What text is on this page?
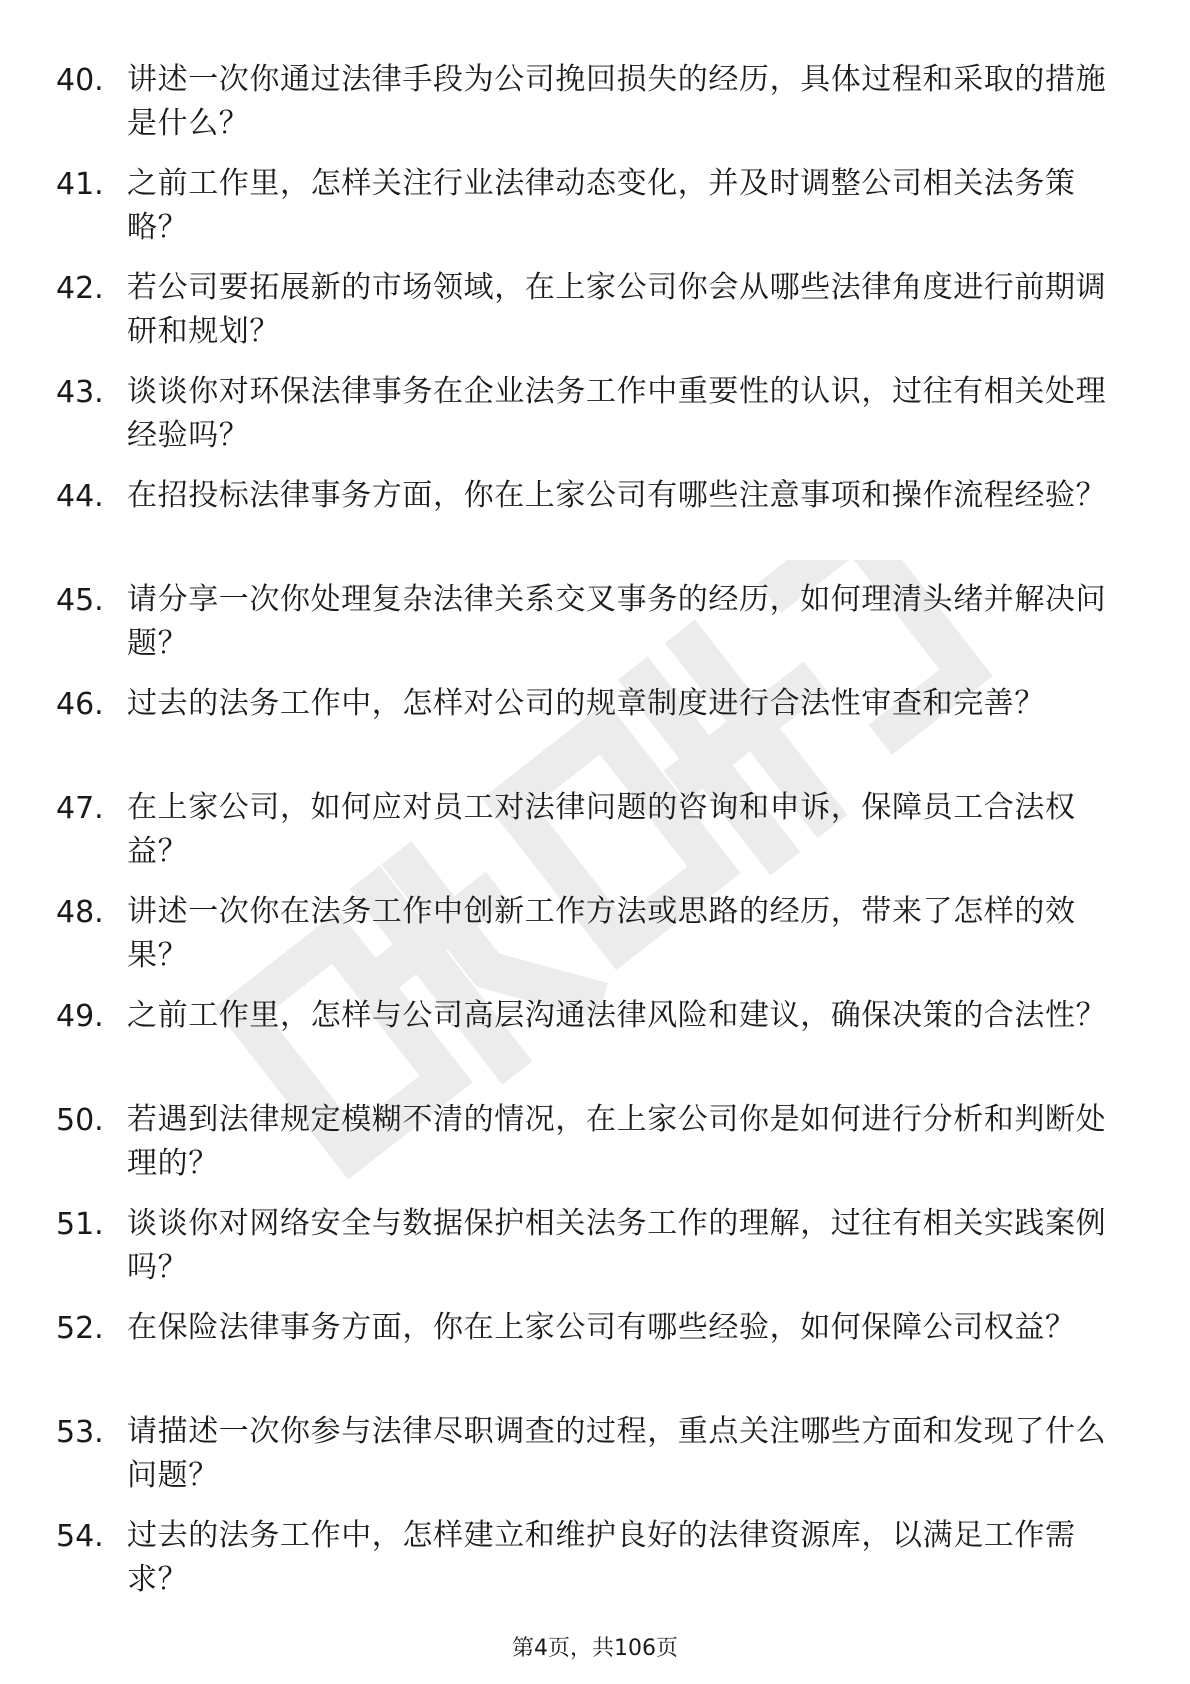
40. 讲述一次你通过法律手段为公司挽回损失的经历，具体过程和采取的措施是什么？
41. 之前工作里，怎样关注行业法律动态变化，并及时调整公司相关法务策略？
42. 若公司要拓展新的市场领域，在上家公司你会从哪些法律角度进行前期调研和规划？
43. 谈谈你对环保法律事务在企业法务工作中重要性的认识，过往有相关处理经验吗？
44. 在招投标法律事务方面，你在上家公司有哪些注意事项和操作流程经验？
45. 请分享一次你处理复杂法律关系交叉事务的经历，如何理清头绪并解决问题？
46. 过去的法务工作中，怎样对公司的规章制度进行合法性审查和完善？
47. 在上家公司，如何应对员工对法律问题的咨询和申诉，保障员工合法权益？
48. 讲述一次你在法务工作中创新工作方法或思路的经历，带来了怎样的效果？
49. 之前工作里，怎样与公司高层沟通法律风险和建议，确保决策的合法性？
50. 若遇到法律规定模糊不清的情况，在上家公司你是如何进行分析和判断处理的？
51. 谈谈你对网络安全与数据保护相关法务工作的理解，过往有相关实践案例吗？
52. 在保险法律事务方面，你在上家公司有哪些经验，如何保障公司权益？
53. 请描述一次你参与法律尽职调查的过程，重点关注哪些方面和发现了什么问题？
54. 过去的法务工作中，怎样建立和维护良好的法律资源库，以满足工作需求？
第4页，共106页
